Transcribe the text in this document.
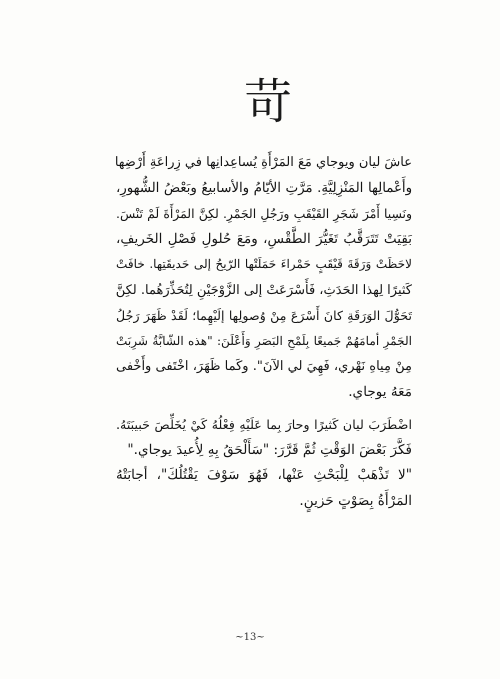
苛
عاشَ ليان ويوجاي مَعَ المَرْأَةِ يُساعِدانِها في زِراعَةِ أَرْضِها
وأَعْمالِها المَنْزِلِيَّةِ. مَرَّتِ الأيّامُ والأسابيعُ وبَعْضُ الشُّهورِ،
ونَسِيا أَمْرَ شَجَرِ القَيْقَبِ ورَجُلِ الجَمْرِ. لكِنَّ المَرْأَةَ لَمْ تَنْسَ.
بَقِيَتْ تَتَرَقَّبُ تَغَيُّرَ الطَّقْسِ، ومَعَ حُلولِ فَصْلِ الخَريفِ،
لاحَظَتْ وَرَقَةَ قَيْقَبٍ حَمْراءَ حَمَلَتْها الرّيحُ إلى حَديقَتِها. خافَتْ
كَثيرًا لِهذا الحَدَثِ، فَأَسْرَعَتْ إلى الزَّوْجَيْنِ لِتُحَذِّرَهُما. لكِنَّ
تَحَوُّلَ الوَرَقَةِ كانَ أَسْرَعَ مِنْ وُصولِها إلَيْهِما؛ لَقَدْ ظَهَرَ رَجُلُ
الجَمْرِ أمامَهُمْ جَميعًا بِلَمْحِ البَصَرِ وَأَعْلَنَ: "هذه الشّابَّةُ شَرِبَتْ
مِنْ مِياهِ نَهْري، فَهِيَ لي الآنَ". وكَما ظَهَرَ، اخْتَفى وأَخْفى
مَعَهُ يوجاي.
اضْطَرَبَ ليان كَثيرًا وحارَ بِما عَلَيْهِ فِعْلُهُ كَيْ يُخَلِّصَ حَبيبَتَهُ.
فَكَّرَ بَعْضَ الوَقْتِ ثُمَّ قَرَّرَ: "سَأَلْحَقُ بِهِ لِأُعيدَ يوجاي."
"لا تَذْهَبْ لِلْبَحْثِ عَنْها، فَهُوَ سَوْفَ يَقْتُلُكَ"، أجابَتْهُ
المَرْأَةُ بِصَوْتٍ حَزينٍ.
~13~
